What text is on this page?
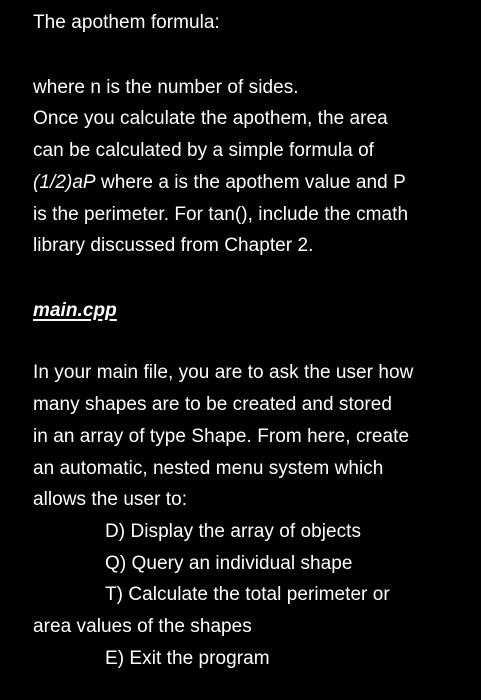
The apothem formula:
where n is the number of sides.
Once you calculate the apothem, the area
can be calculated by a simple formula of
(1/2)aP where a is the apothem value and P
is the perimeter. For tan(), include the cmath
library discussed from Chapter 2.
main.cpp
In your main file, you are to ask the user how
many shapes are to be created and stored
in an array of type Shape. From here, create
an automatic, nested menu system which
allows the user to:
D) Display the array of objects
Q) Query an individual shape
T) Calculate the total perimeter or
area values of the shapes
E) Exit the program
